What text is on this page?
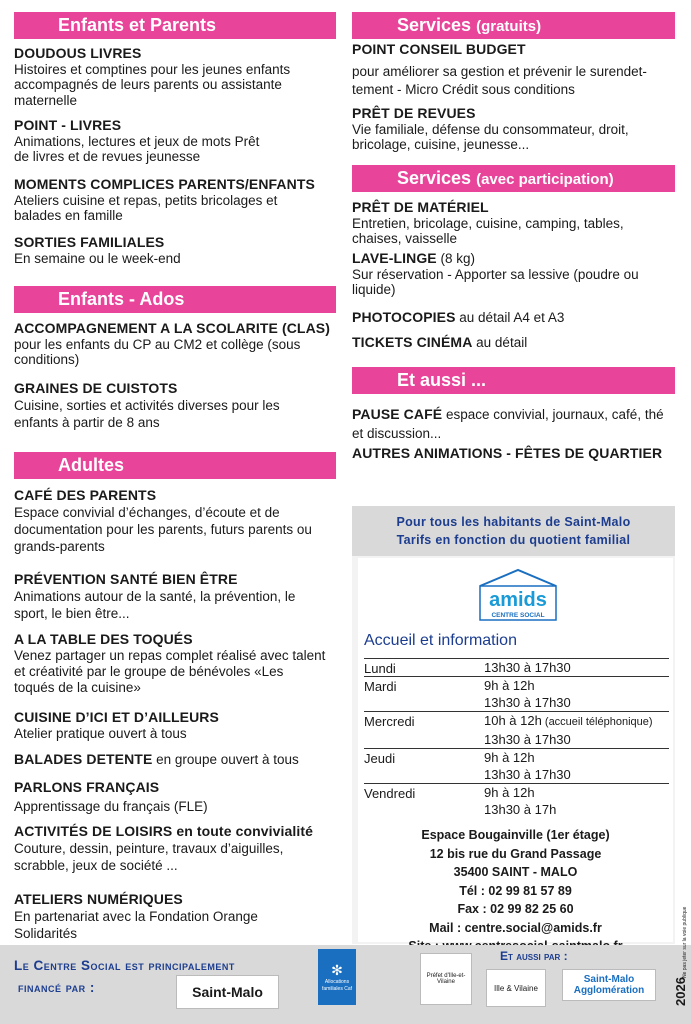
Enfants et Parents
DOUDOUS LIVRES
Histoires et comptines pour les jeunes enfants accompagnés de leurs parents ou assistante maternelle
POINT - LIVRES
Animations, lectures et jeux de mots Prêt de livres et de revues jeunesse
MOMENTS COMPLICES PARENTS/ENFANTS
Ateliers cuisine et repas, petits bricolages et balades en famille
SORTIES FAMILIALES
En semaine ou le week-end
Enfants - Ados
ACCOMPAGNEMENT A LA SCOLARITE (CLAS)
pour les enfants du CP au CM2 et collège (sous conditions)
GRAINES DE CUISTOTS
Cuisine, sorties et activités diverses pour les enfants à partir de 8 ans
Adultes
CAFÉ DES PARENTS
Espace convivial d’échanges, d’écoute et de documentation pour les parents, futurs parents ou grands-parents
PRÉVENTION SANTÉ BIEN ÊTRE
Animations autour de la santé, la prévention, le sport, le bien être...
A LA TABLE DES TOQUÉS
Venez partager un repas complet réalisé avec talent et créativité par le groupe de bénévoles «Les toqués de la cuisine»
CUISINE D’ICI ET D’AILLEURS
Atelier pratique ouvert à tous
BALADES DETENTE en groupe ouvert à tous
PARLONS FRANÇAIS
Apprentissage du français (FLE)
ACTIVITÉS DE LOISIRS en toute convivialité
Couture, dessin, peinture, travaux d’aiguilles, scrabble, jeux de société ...
ATELIERS NUMÉRIQUES
En partenariat avec la Fondation Orange Solidarités
Services (gratuits)
POINT CONSEIL BUDGET
pour améliorer sa gestion et prévenir le surendet-tement - Micro Crédit sous conditions
PRÊT DE REVUES
Vie familiale, défense du consommateur, droit, bricolage, cuisine, jeunesse...
Services (avec participation)
PRÊT DE MATÉRIEL
Entretien, bricolage, cuisine, camping, tables, chaises, vaisselle
LAVE-LINGE (8 kg)
Sur réservation - Apporter sa lessive (poudre ou liquide)
PHOTOCOPIES au détail A4 et A3
TICKETS CINÉMA au détail
Et aussi ...
PAUSE CAFÉ espace convivial, journaux, café, thé et discussion...
AUTRES ANIMATIONS - FÊTES DE QUARTIER
Pour tous les habitants de Saint-Malo
Tarifs en fonction du quotient familial
amids
CENTRE SOCIAL
Accueil et information
Lundi	13h30 à 17h30
Mardi	9h à 12h
13h30 à 17h30
Mercredi	10h à 12h (accueil téléphonique)
13h30 à 17h30
Jeudi	9h à 12h
13h30 à 17h30
Vendredi	9h à 12h
13h30 à 17h
Espace Bougainville (1er étage)
12 bis rue du Grand Passage
35400 SAINT - MALO
Tél : 02 99 81 57 89
Fax : 02 99 82 25 60
Mail : centre.social@amids.fr
Le Centre Social est principalement
financé par :	Saint-Malo
✻
Allocations familiales Caf
Et aussi par :
Préfet d'Ille-et-Vilaine
Ille & Vilaine
Saint-Malo Agglomération	2026
Ne pas jeter sur la voie publique
